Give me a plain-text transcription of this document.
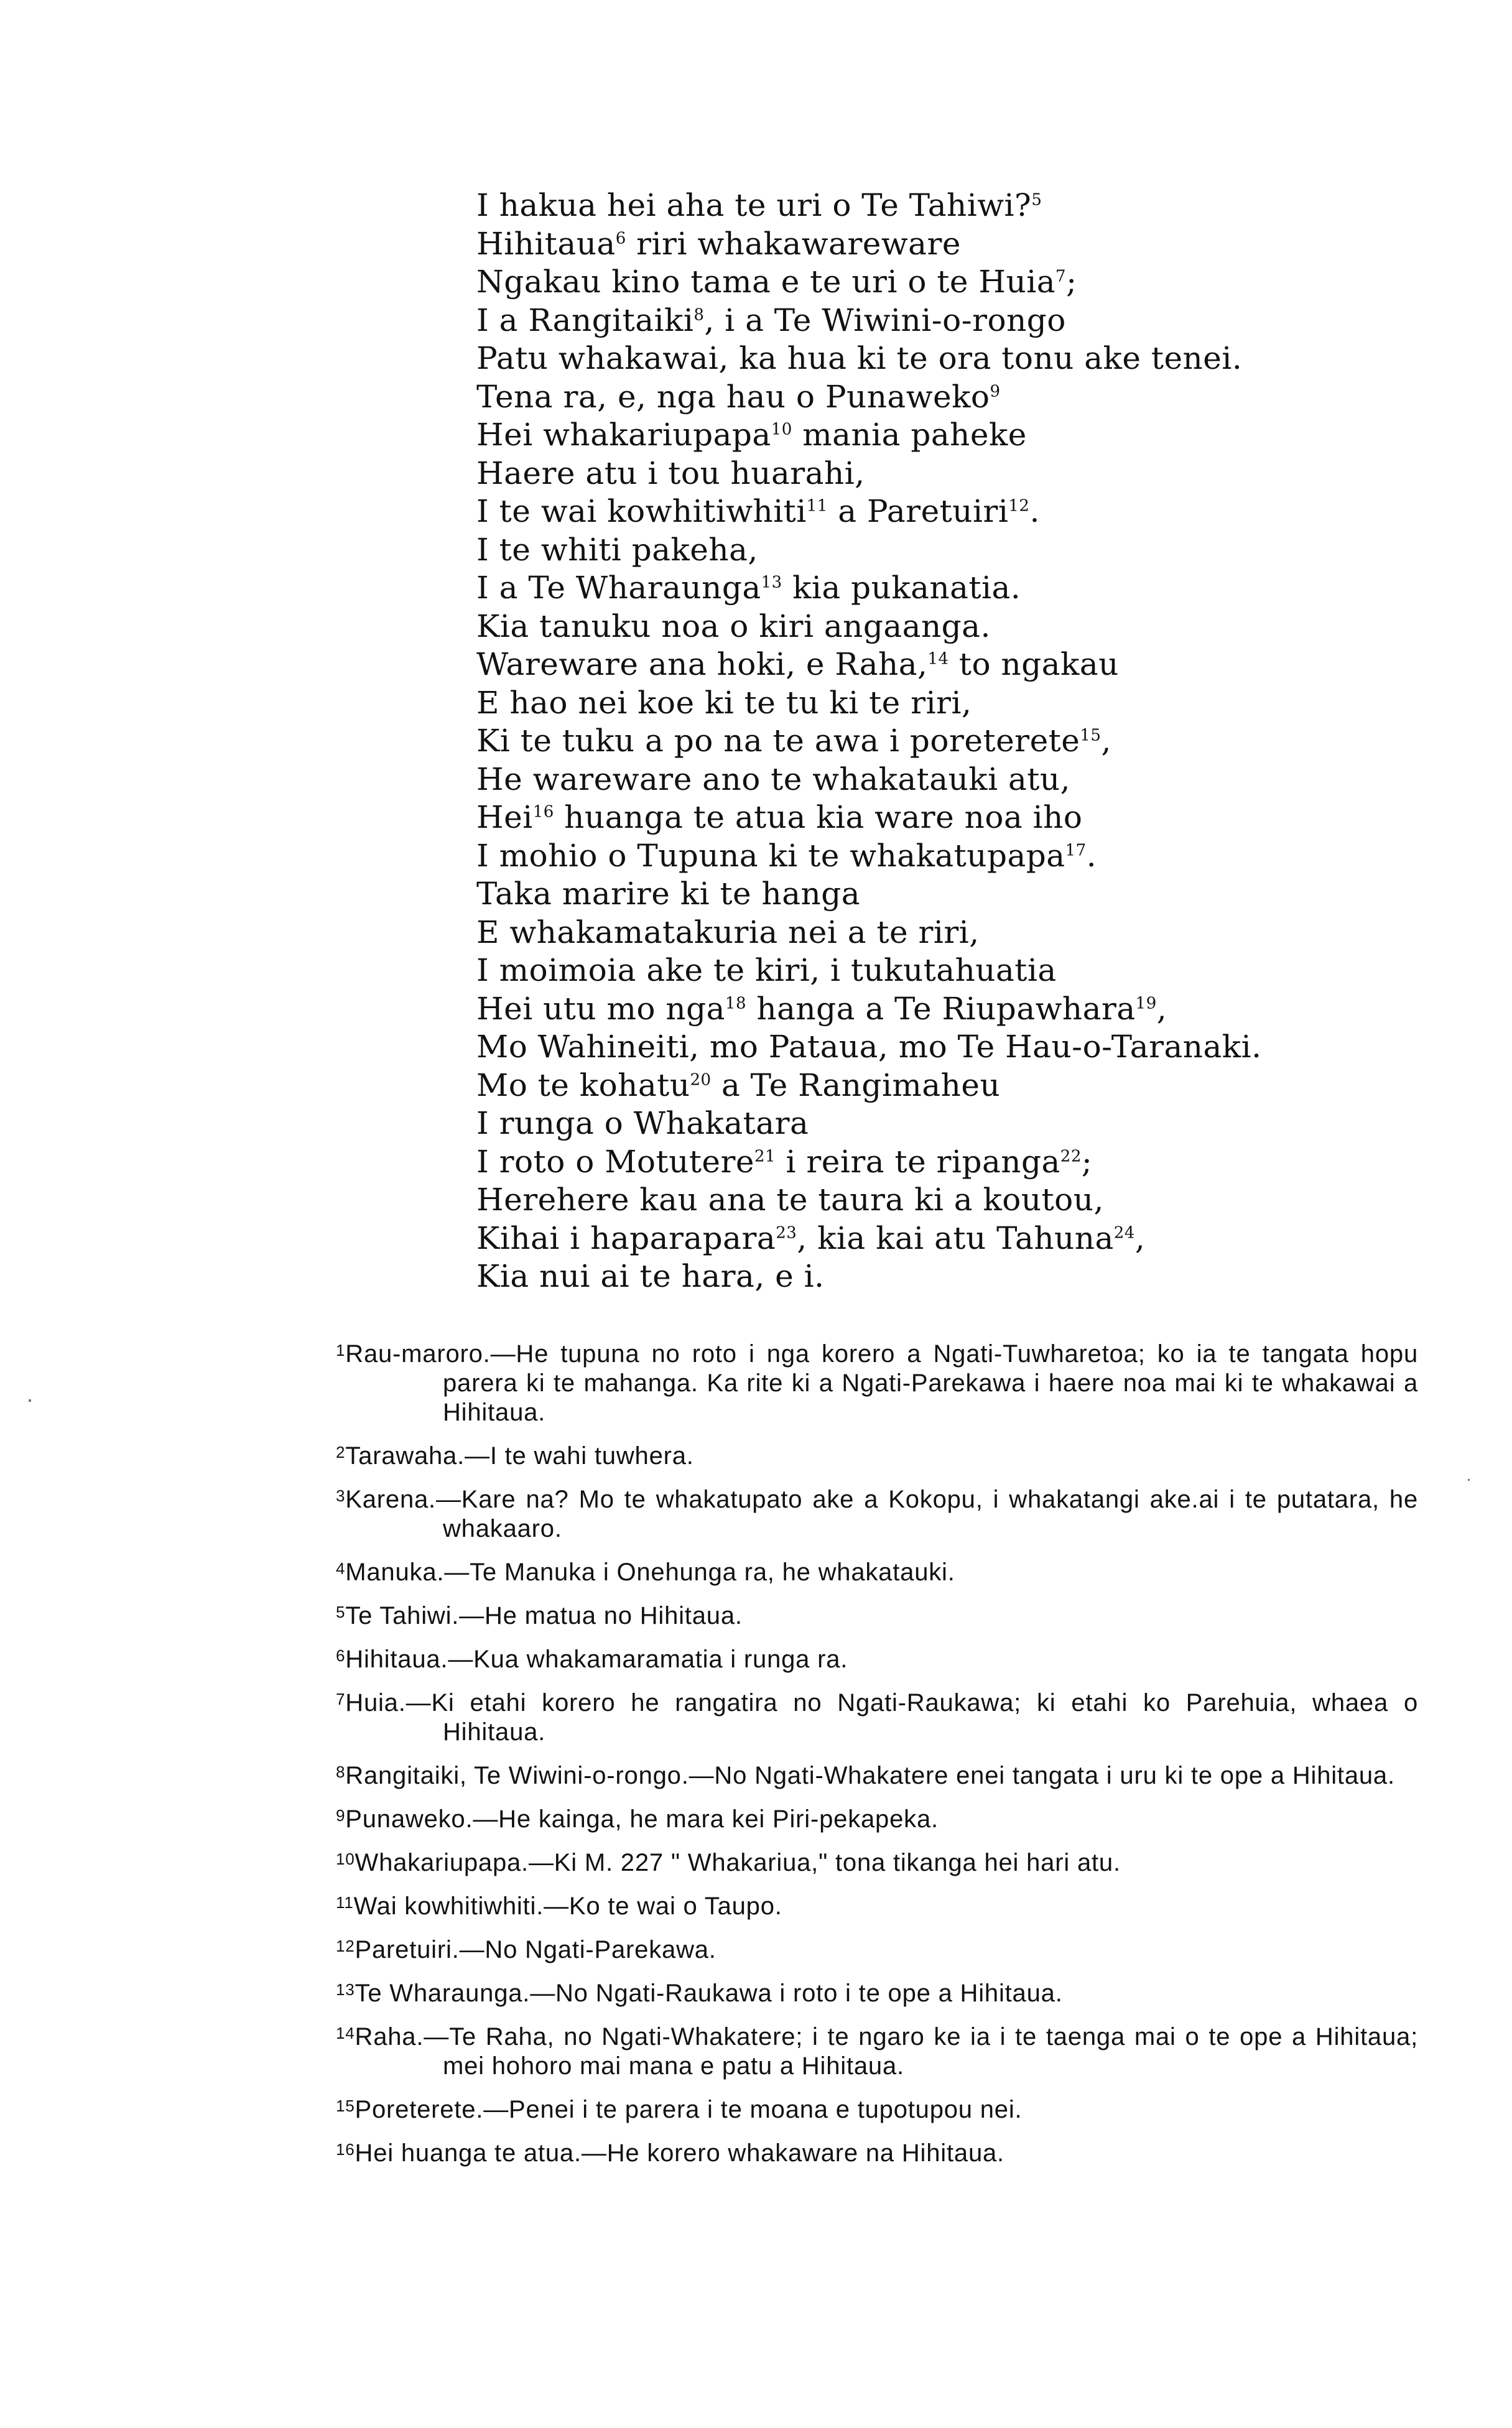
I hakua hei aha te uri o Te Tahiwi?$^5$
Hihitaua$^6$ riri whakawareware
Ngakau kino tama e te uri o te Huia$^7$;
I a Rangitaiki$^8$, i a Te Wiwini-o-rongo
Patu whakawai, ka hua ki te ora tonu ake tenei.
Tena ra, e, nga hau o Punaweko$^9$
Hei whakariupapa$^{10}$ mania paheke
Haere atu i tou huarahi,
I te wai kowhitiwhiti$^{11}$ a Paretuiri$^{12}$.
I te whiti pakeha,
I a Te Wharaunga$^{13}$ kia pukanatia.
Kia tanuku noa o kiri angaanga.
Wareware ana hoki, e Raha,$^{14}$ to ngakau
E hao nei koe ki te tu ki te riri,
Ki te tuku a po na te awa i poreterete$^{15}$,
He wareware ano te whakatauki atu,
Hei$^{16}$ huanga te atua kia ware noa iho
I mohio o Tupuna ki te whakatupapa$^{17}$.
Taka marire ki te hanga
E whakamatakuria nei a te riri,
I moimoia ake te kiri, i tukutahuatia
Hei utu mo nga$^{18}$ hanga a Te Riupawhara$^{19}$,
Mo Wahineiti, mo Pataua, mo Te Hau-o-Taranaki.
Mo te kohatu$^{20}$ a Te Rangimaheu
I runga o Whakatara
I roto o Motutere$^{21}$ i reira te ripanga$^{22}$;
Herehere kau ana te taura ki a koutou,
Kihai i haparapara$^{23}$, kia kai atu Tahuna$^{24}$,
Kia nui ai te hara, e i.
$^1$Rau-maroro.—He tupuna no roto i nga korero a Ngati-Tuwharetoa; ko ia te tangata hopu parera ki te mahanga. Ka rite ki a Ngati-Parekawa i haere noa mai ki te whakawai a Hihitaua.
$^2$Tarawaha.—I te wahi tuwhera.
$^3$Karena.—Kare na? Mo te whakatupato ake a Kokopu, i whakatangi ake.ai i te putatara, he whakaaro.
$^4$Manuka.—Te Manuka i Onehunga ra, he whakatauki.
$^5$Te Tahiwi.—He matua no Hihitaua.
$^6$Hihitaua.—Kua whakamaramatia i runga ra.
$^7$Huia.—Ki etahi korero he rangatira no Ngati-Raukawa; ki etahi ko Parehuia, whaea o Hihitaua.
$^8$Rangitaiki, Te Wiwini-o-rongo.—No Ngati-Whakatere enei tangata i uru ki te ope a Hihitaua.
$^9$Punaweko.—He kainga, he mara kei Piri-pekapeka.
$^{10}$Whakariupapa.—Ki M. 227 " Whakariua," tona tikanga hei hari atu.
$^{11}$Wai kowhitiwhiti.—Ko te wai o Taupo.
$^{12}$Paretuiri.—No Ngati-Parekawa.
$^{13}$Te Wharaunga.—No Ngati-Raukawa i roto i te ope a Hihitaua.
$^{14}$Raha.—Te Raha, no Ngati-Whakatere; i te ngaro ke ia i te taenga mai o te ope a Hihitaua; mei hohoro mai mana e patu a Hihitaua.
$^{15}$Poreterete.—Penei i te parera i te moana e tupotupou nei.
$^{16}$Hei huanga te atua.—He korero whakaware na Hihitaua.
